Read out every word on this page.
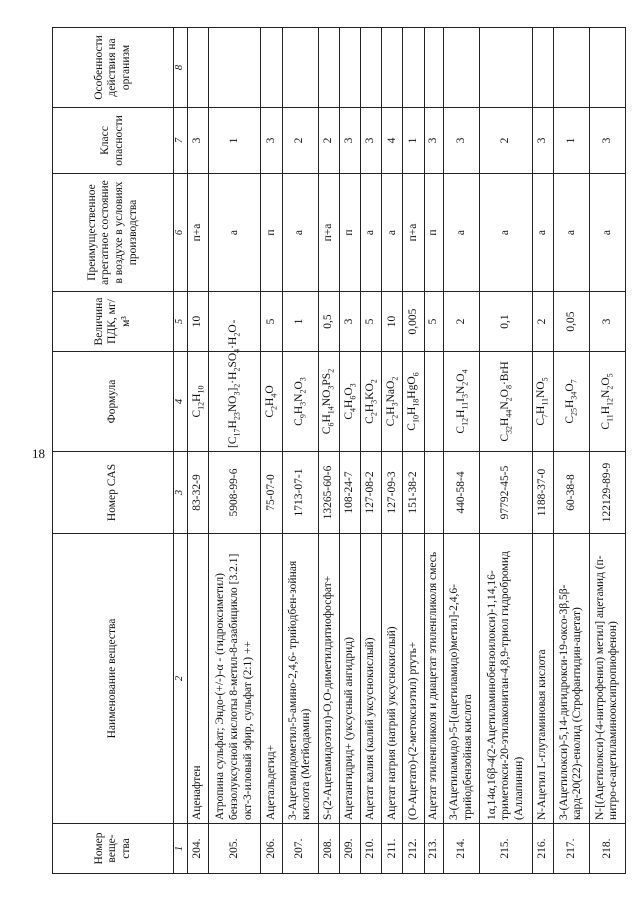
18
Номер веще-ства	Наименование вещества	Номер CAS	Формула	Величина ПДК, мг/м³	Преимущественное агрегатное состояние в воздухе в условиях производства	Класс опасности	Особенности действия на организм
1	2	3	4	5	6	7	8
204.	Аценафтен	83-32-9	$C_{12}H_{10}$	10	п+а	3	
205.	Атропина сульфат; Эндо-(+/-)-α - (гидроксиметил) бензолуксусной кислоты 8-метил-8-азабицикло [3.2.1] окт-3-иловый эфир, сульфат (2:1) ++	5908-99-6	$[C_{17}H_{23}NO_3]_2\cdot H_2SO_4\cdot H_2O$	-	а	1	
206.	Ацетальдегид+	75-07-0	$C_2H_4O$	5	п	3	
207.	3-Ацетамидометил-5-амино-2,4,6- трийодбен-зойная кислота (Метйодамин)	1713-07-1	$C_9H_3N_2O_3$	1	а	2	
208.	S-(2-Ацетамидоэтил)-О,О-диметилдитиофосфат+	13265-60-6	$C_6H_{14}NO_3PS_2$	0,5	п+а	2	
209.	Ацетангидрид+ (уксусный ангидрид)	108-24-7	$C_4H_6O_3$	3	п	3	
210.	Ацетат калия (калий уксуснокислый)	127-08-2	$C_2H_3KO_2$	5	а	3	
211.	Ацетат натрия (натрий уксуснокислый)	127-09-3	$C_2H_3NaO_2$	10	а	4	
212.	(О-Ацетато)-(2-метоксиэтил) ртуть+	151-38-2	$C_{10}H_{18}HgO_6$	0,005	п+а	1	
213.	Ацетат этиленгликоля и диацетат этиленгликоля смесь			5	п	3	
214.	3-(Ацетиламидо)-5-[(ацетиламидо)метил]-2,4,6-трийодбензойная кислота	440-58-4	$C_{12}H_{11}I_3N_2O_4$	2	а	3	
215.	1α,14α,16β-4(2-Ацетиламинобензоилокси)-1,14,16-триметокси-20-этилаконитан-4,8,9-триол гидробромид (Аллапинин)	97792-45-5	$C_{32}H_{44}N_2O_8\cdot BrH$	0,1	а	2	
216.	N-Ацетил L-глутаминовая кислота	1188-37-0	$C_7H_{11}NO_5$	2	а	3	
217.	3-(Ацетилокси)-5,14-дигидрокси-19-оксо-3β,5β-кард-20(22)-енолид (Строфантидин-ацетат)	60-38-8	$C_{25}H_{34}O_7$	0,05	а	1	
218.	N-[(Ацетилокси)-(4-нитрофенил) метил] ацетамид (п-нитро-α-ацетиламинооксипропиофенон)	122129-89-9	$C_{11}H_{12}N_2O_5$	3	а	3	
